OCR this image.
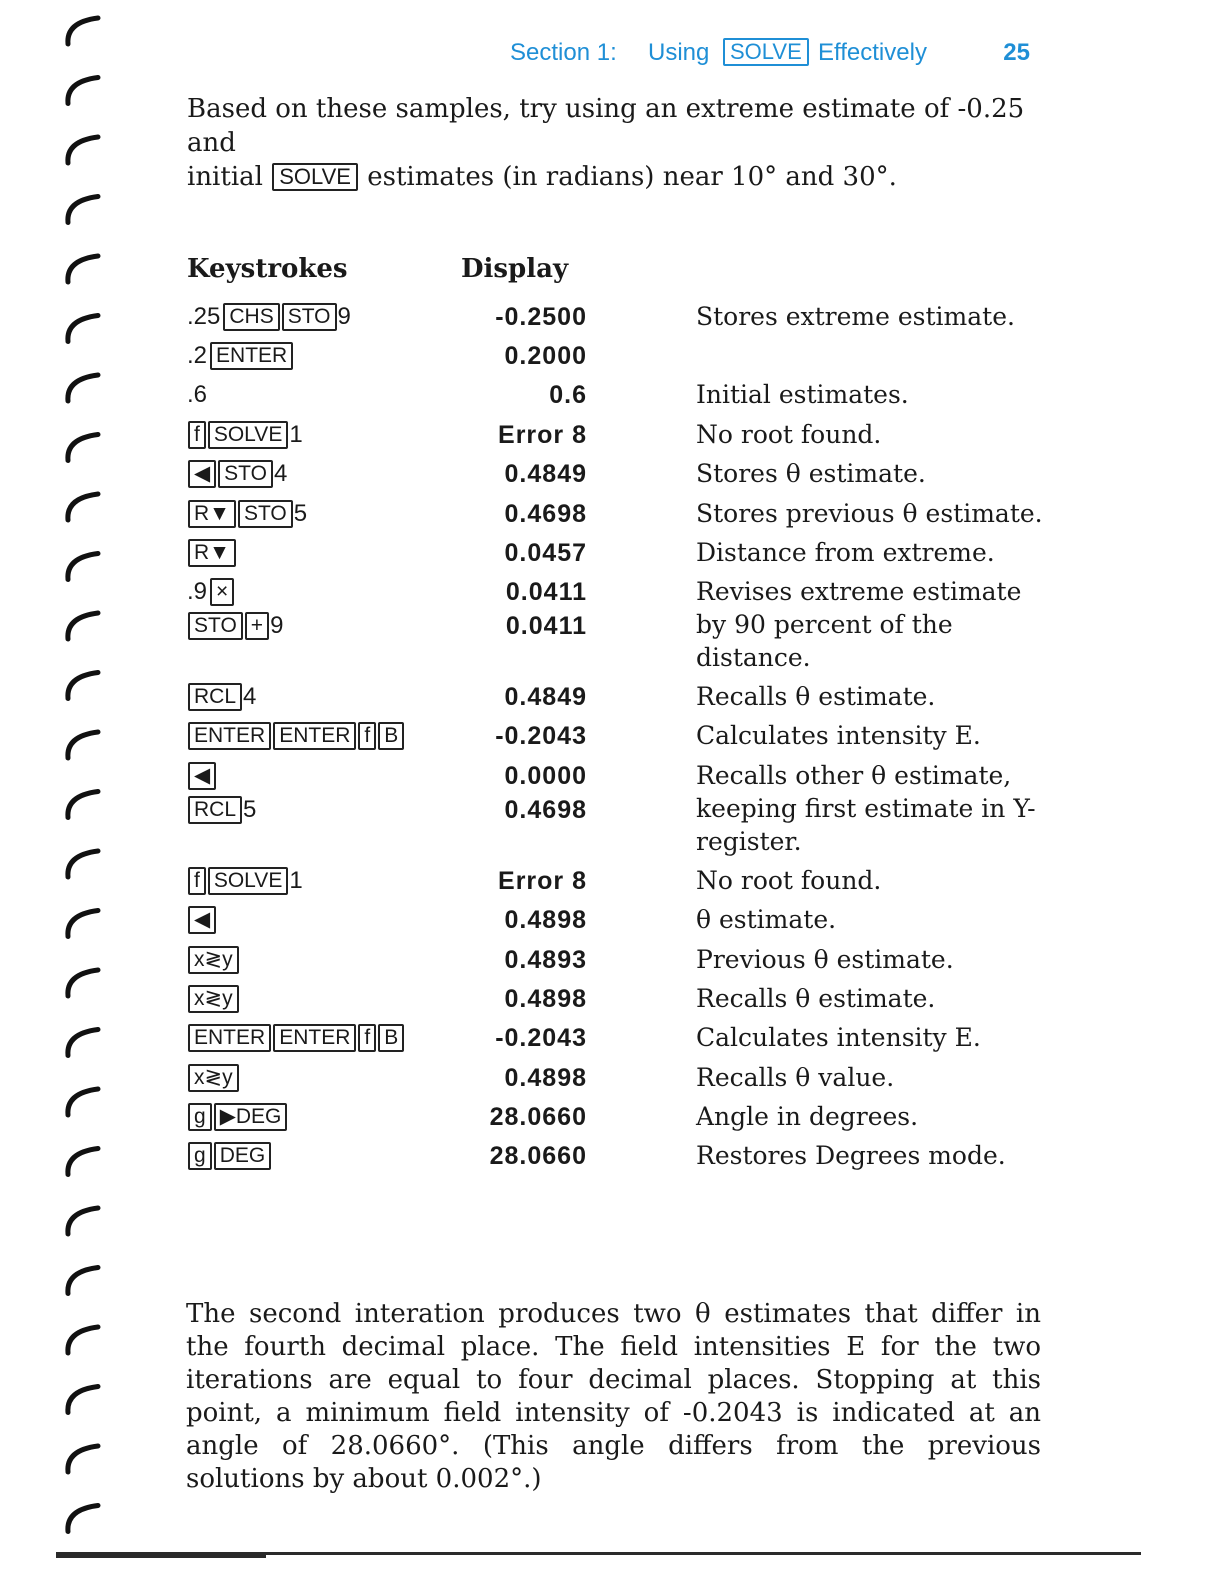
Section 1: Using SOLVE Effectively	25

Based on these samples, try using an extreme estimate of -0.25 and
initial SOLVE estimates (in radians) near 10° and 30°.

Keystrokes	Display
.25 CHS STO 9	-0.2500	Stores extreme estimate.
.2 ENTER	0.2000
.6	0.6	Initial estimates.
f SOLVE 1	Error 8	No root found.
◀ STO 4	0.4849	Stores θ estimate.
R▼ STO 5	0.4698	Stores previous θ estimate.
R▼	0.0457	Distance from extreme.
.9 ×	0.0411	Revises extreme estimate by 90 percent of the distance.
STO + 9	0.0411
RCL 4	0.4849	Recalls θ estimate.
ENTER ENTER f B	-0.2043	Calculates intensity E.
◀	0.0000	Recalls other θ estimate, keeping first estimate in Y-register.
RCL 5	0.4698
f SOLVE 1	Error 8	No root found.
◀	0.4898	θ estimate.
x≷y	0.4893	Previous θ estimate.
x≷y	0.4898	Recalls θ estimate.
ENTER ENTER f B	-0.2043	Calculates intensity E.
x≷y	0.4898	Recalls θ value.
g ▶DEG	28.0660	Angle in degrees.
g DEG	28.0660	Restores Degrees mode.

The second interation produces two θ estimates that differ in the fourth decimal place. The field intensities E for the two iterations are equal to four decimal places. Stopping at this point, a minimum field intensity of -0.2043 is indicated at an angle of 28.0660°. (This angle differs from the previous solutions by about 0.002°.)
